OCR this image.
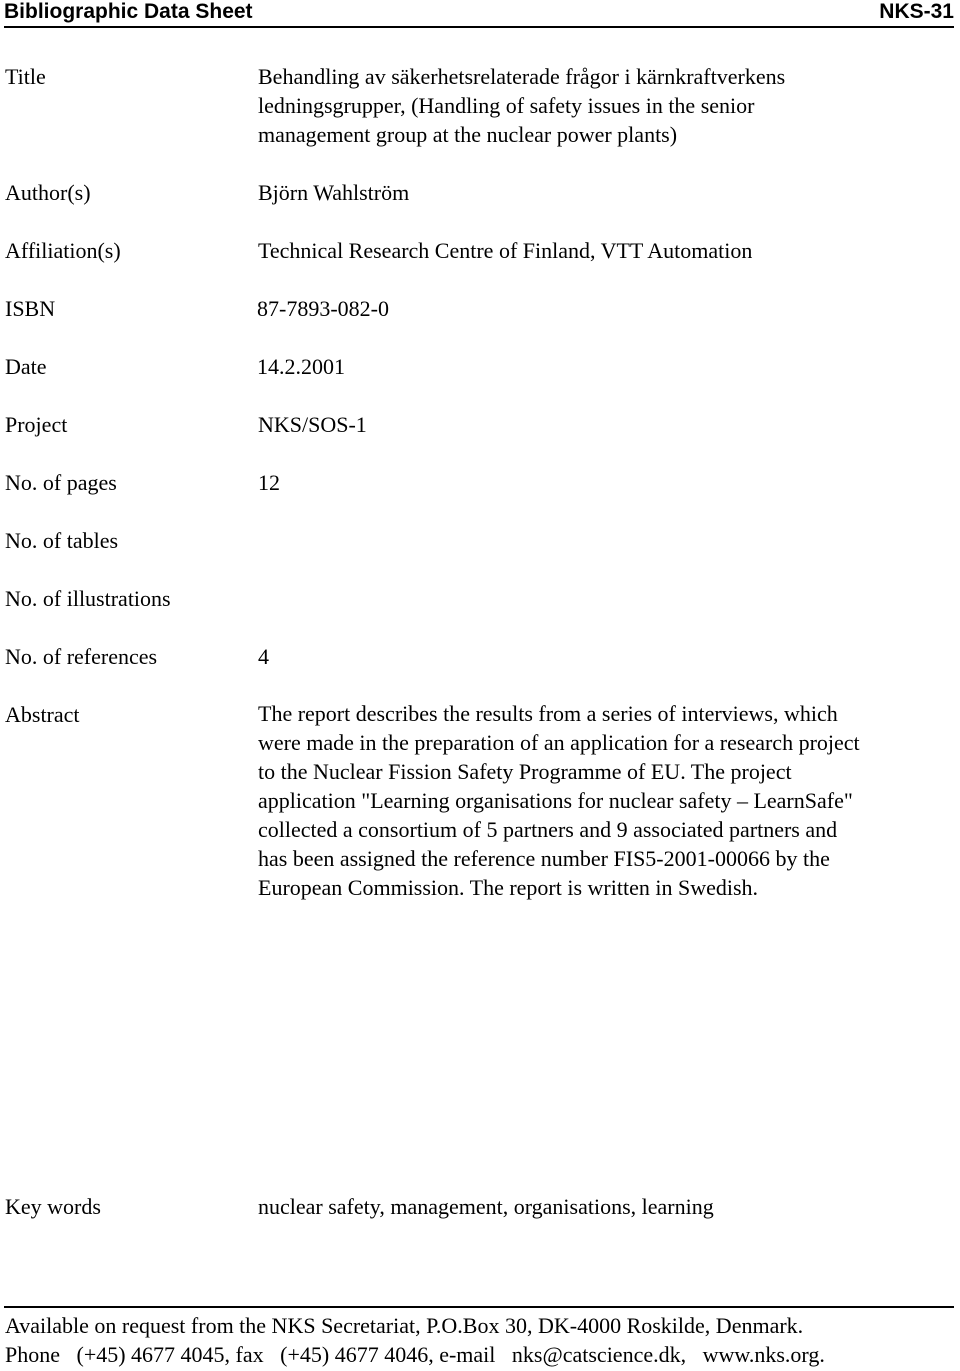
Bibliographic Data Sheet	NKS-31
Title	Behandling av säkerhetsrelaterade frågor i kärnkraftverkens
ledningsgrupper, (Handling of safety issues in the senior
management group at the nuclear power plants)
Author(s)	Björn Wahlström
Affiliation(s)	Technical Research Centre of Finland, VTT Automation
ISBN	87-7893-082-0
Date	14.2.2001
Project	NKS/SOS-1
No. of pages	12
No. of tables
No. of illustrations
No. of references	4
Abstract	The report describes the results from a series of interviews, which

were made in the preparation of an application for a research project

to the Nuclear Fission Safety Programme of EU. The project

application "Learning organisations for nuclear safety – LearnSafe"

collected a consortium of 5 partners and 9 associated partners and

has been assigned the reference number FIS5-2001-00066 by the

European Commission. The report is written in Swedish.

Key words	nuclear safety, management, organisations, learning
Available on request from the NKS Secretariat, P.O.Box 30, DK-4000 Roskilde, Denmark.
Phone   (+45) 4677 4045, fax   (+45) 4677 4046, e-mail   nks@catscience.dk,   www.nks.org.
